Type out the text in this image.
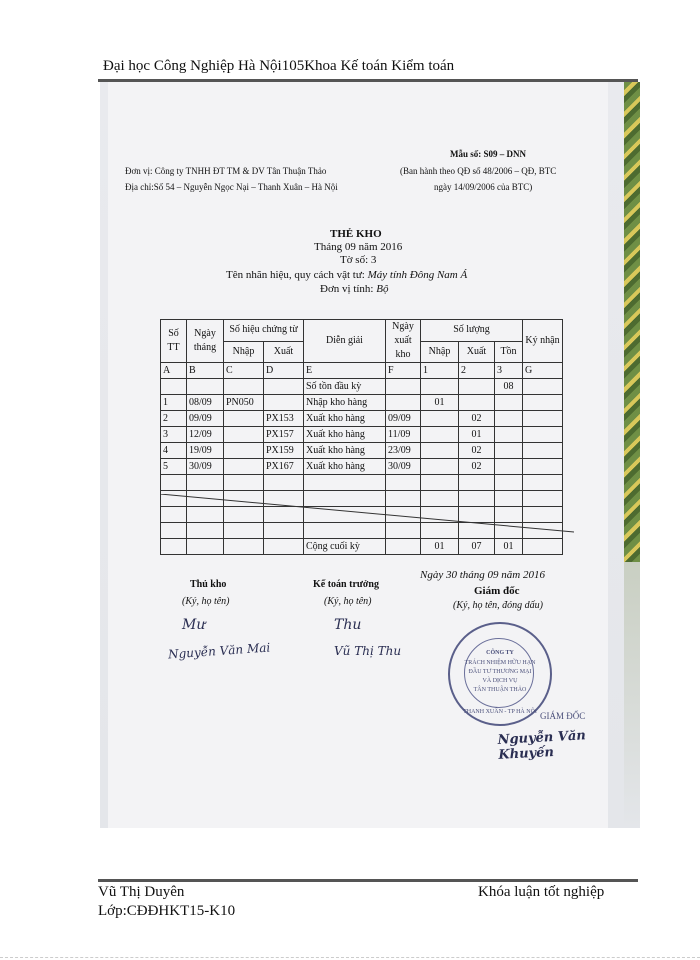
Đại học Công Nghiệp Hà Nội105Khoa Kế toán Kiểm toán
Đơn vị: Công ty TNHH ĐT TM & DV Tân Thuận Thảo
Địa chỉ:Số 54 – Nguyễn Ngọc Nại – Thanh Xuân – Hà Nội
Mẫu số: S09 – DNN
(Ban hành theo QĐ số 48/2006 – QĐ, BTC
ngày 14/09/2006 của BTC)
THẺ KHO
Tháng 09 năm 2016
Tờ số: 3
Tên nhãn hiệu, quy cách vật tư: Máy tính Đông Nam Á
Đơn vị tính: Bộ
Số TT	Ngày tháng	Số hiệu chứng từ		Diễn giải	Ngày xuất kho	Số lượng			Ký nhận
		Nhập	Xuất			Nhập	Xuất	Tồn	
A	B	C	D	E	F	1	2	3	G
				Số tồn đầu kỳ				08	
1	08/09	PN050		Nhập kho hàng		01			
2	09/09		PX153	Xuất kho hàng	09/09		02		
3	12/09		PX157	Xuất kho hàng	11/09		01		
4	19/09		PX159	Xuất kho hàng	23/09		02		
5	30/09		PX167	Xuất kho hàng	30/09		02		

				Cộng cuối kỳ		01	07	01	
Ngày 30 tháng 09 năm 2016
Thủ kho
(Ký, họ tên)
Mư
Nguyễn Văn Mai
Kế toán trưởng
(Ký, họ tên)
Thu
Vũ Thị Thu
Giám đốc
(Ký, họ tên, đóng dấu)
CÔNG TY
TRÁCH NHIỆM HỮU HẠN
ĐẦU TƯ THƯƠNG MẠI
VÀ DỊCH VỤ
TÂN THUẬN THẢO
THANH XUÂN - TP HÀ NỘI GIÁM ĐỐC
Nguyễn Văn Khuyến
Vũ Thị Duyên	Khóa luận tốt nghiệp
Lớp:CĐĐHKT15-K10
